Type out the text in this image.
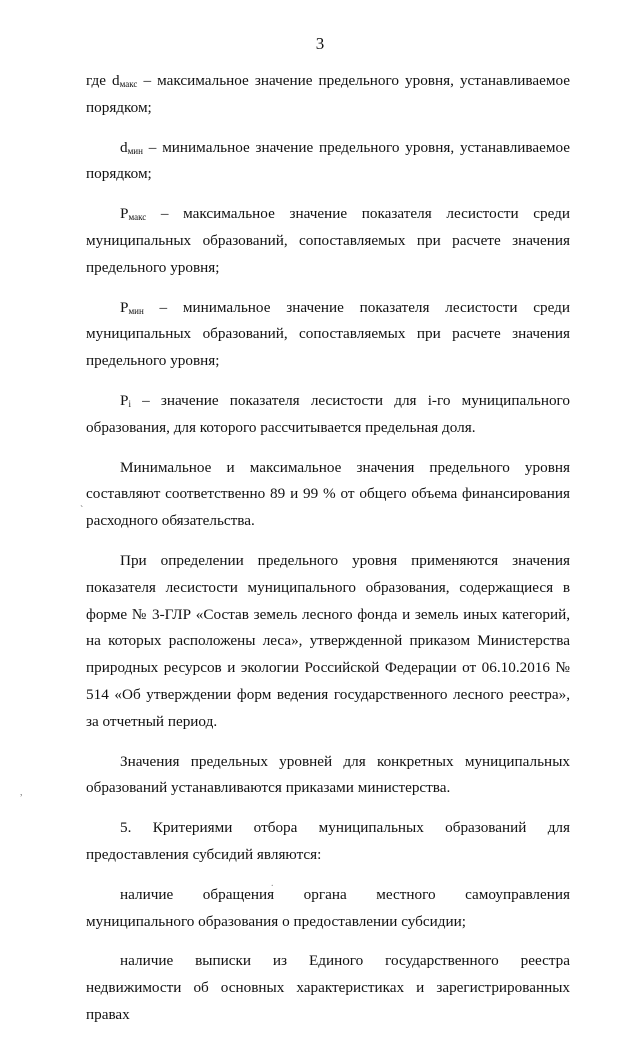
3

где $d_{макс}$ – максимальное значение предельного уровня, устанавливаемое порядком;

$d_{мин}$ – минимальное значение предельного уровня, устанавливаемое порядком;

$P_{макс}$ – максимальное значение показателя лесистости среди муниципальных образований, сопоставляемых при расчете значения предельного уровня;

$P_{мин}$ – минимальное значение показателя лесистости среди муниципальных образований, сопоставляемых при расчете значения предельного уровня;

$P_i$ – значение показателя лесистости для i-го муниципального образования, для которого рассчитывается предельная доля.

Минимальное и максимальное значения предельного уровня составляют соответственно 89 и 99 % от общего объема финансирования расходного обязательства.

При определении предельного уровня применяются значения показателя лесистости муниципального образования, содержащиеся в форме № 3-ГЛР «Состав земель лесного фонда и земель иных категорий, на которых расположены леса», утвержденной приказом Министерства природных ресурсов и экологии Российской Федерации от 06.10.2016 № 514 «Об утверждении форм ведения государственного лесного реестра», за отчетный период.

Значения предельных уровней для конкретных муниципальных образований устанавливаются приказами министерства.

5. Критериями отбора муниципальных образований для предоставления субсидий являются:

наличие обращения органа местного самоуправления муниципального образования о предоставлении субсидии;

наличие выписки из Единого государственного реестра недвижимости об основных характеристиках и зарегистрированных правах

`
,
.
